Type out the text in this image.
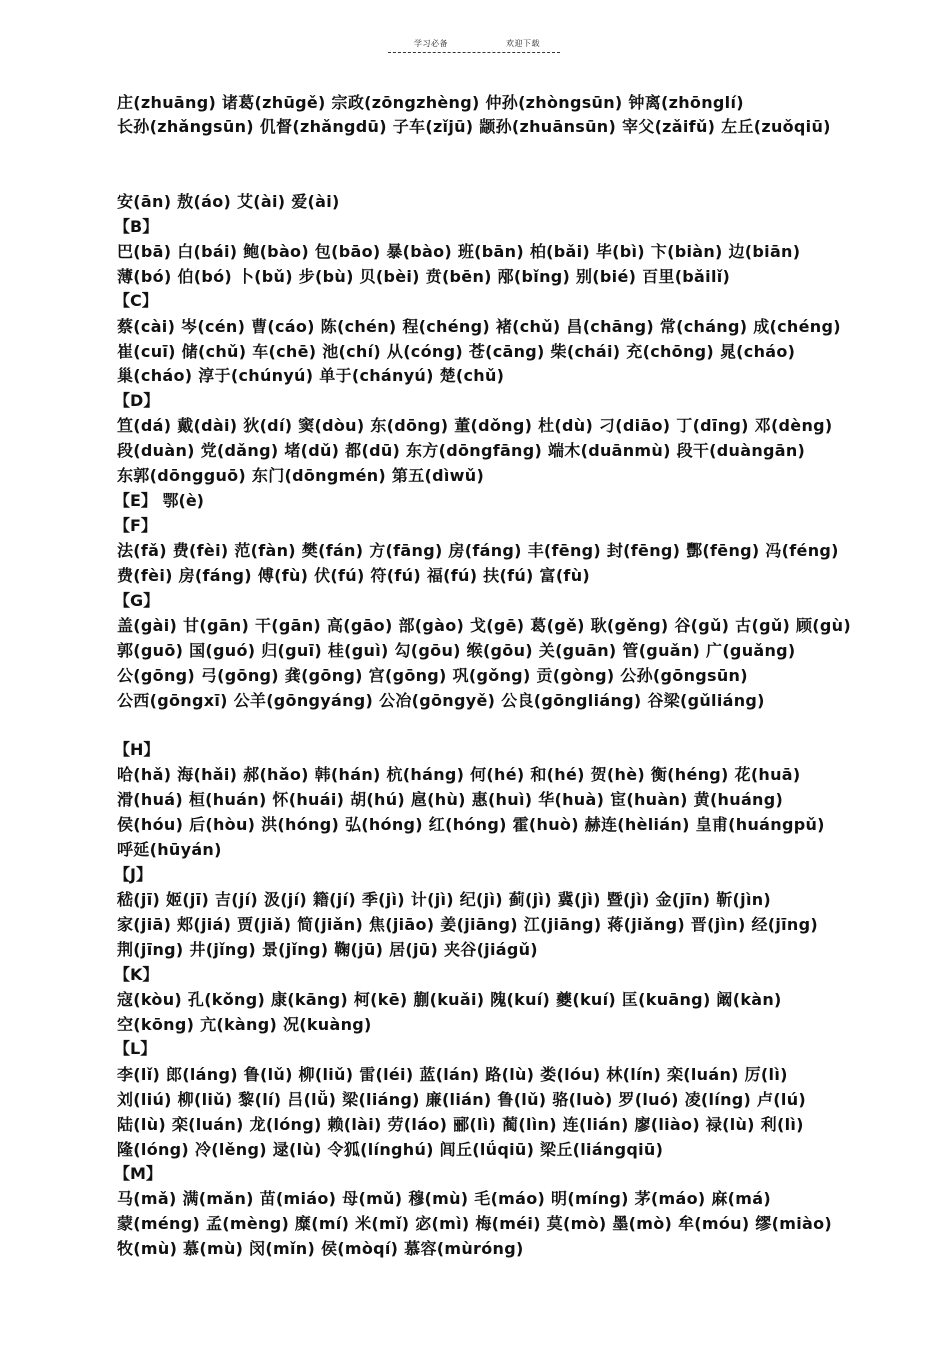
学习必备	欢迎下载
庄(zhuāng) 诸葛(zhūgě) 宗政(zōngzhèng) 仲孙(zhòngsūn) 钟离(zhōnglí)
长孙(zhǎngsūn) 仉督(zhǎngdū) 子车(zǐjū) 颛孙(zhuānsūn) 宰父(zǎifǔ) 左丘(zuǒqiū)
安(ān) 敖(áo) 艾(ài) 爱(ài)
【B】
巴(bā) 白(bái) 鲍(bào) 包(bāo) 暴(bào) 班(bān) 柏(bǎi) 毕(bì) 卞(biàn) 边(biān)
薄(bó) 伯(bó) 卜(bǔ) 步(bù) 贝(bèi) 贲(bēn) 邴(bǐng) 别(bié) 百里(bǎilǐ)
【C】
蔡(cài) 岑(cén) 曹(cáo) 陈(chén) 程(chéng) 褚(chǔ) 昌(chāng) 常(cháng) 成(chéng)
崔(cuī) 储(chǔ) 车(chē) 池(chí) 从(cóng) 苍(cāng) 柴(chái) 充(chōng) 晁(cháo)
巢(cháo) 淳于(chúnyú) 单于(chányú) 楚(chǔ)
【D】
笪(dá) 戴(dài) 狄(dí) 窦(dòu) 东(dōng) 董(dǒng) 杜(dù) 刁(diāo) 丁(dīng) 邓(dèng)
段(duàn) 党(dǎng) 堵(dǔ) 都(dū) 东方(dōngfāng) 端木(duānmù) 段干(duàngān)
东郭(dōngguō) 东门(dōngmén) 第五(dìwǔ)
【E】 鄂(è)
【F】
法(fǎ) 费(fèi) 范(fàn) 樊(fán) 方(fāng) 房(fáng) 丰(fēng) 封(fēng) 酆(fēng) 冯(féng)
费(fèi) 房(fáng) 傅(fù) 伏(fú) 符(fú) 福(fú) 扶(fú) 富(fù)
【G】
盖(gài) 甘(gān) 干(gān) 高(gāo) 部(gào) 戈(gē) 葛(gě) 耿(gěng) 谷(gǔ) 古(gǔ) 顾(gù)
郭(guō) 国(guó) 归(guī) 桂(guì) 勾(gōu) 缑(gōu) 关(guān) 管(guǎn) 广(guǎng)
公(gōng) 弓(gōng) 龚(gōng) 宫(gōng) 巩(gǒng) 贡(gòng) 公孙(gōngsūn)
公西(gōngxī) 公羊(gōngyáng) 公冶(gōngyě) 公良(gōngliáng) 谷梁(gǔliáng)
【H】
哈(hǎ) 海(hǎi) 郝(hǎo) 韩(hán) 杭(háng) 何(hé) 和(hé) 贺(hè) 衡(héng) 花(huā)
滑(huá) 桓(huán) 怀(huái) 胡(hú) 扈(hù) 惠(huì) 华(huà) 宦(huàn) 黄(huáng)
侯(hóu) 后(hòu) 洪(hóng) 弘(hóng) 红(hóng) 霍(huò) 赫连(hèlián) 皇甫(huángpǔ)
呼延(hūyán)
【J】
嵇(jī) 姬(jī) 吉(jí) 汲(jí) 籍(jí) 季(jì) 计(jì) 纪(jì) 蓟(jì) 冀(jì) 暨(jì) 金(jīn) 靳(jìn)
家(jiā) 郏(jiá) 贾(jiǎ) 简(jiǎn) 焦(jiāo) 姜(jiāng) 江(jiāng) 蒋(jiǎng) 晋(jìn) 经(jīng)
荆(jīng) 井(jǐng) 景(jǐng) 鞠(jū) 居(jū) 夹谷(jiágǔ)
【K】
寇(kòu) 孔(kǒng) 康(kāng) 柯(kē) 蒯(kuǎi) 隗(kuí) 夔(kuí) 匡(kuāng) 阚(kàn)
空(kōng) 亢(kàng) 况(kuàng)
【L】
李(lǐ) 郎(láng) 鲁(lǔ) 柳(liǔ) 雷(léi) 蓝(lán) 路(lù) 娄(lóu) 林(lín) 栾(luán) 厉(lì)
刘(liú) 柳(liǔ) 黎(lí) 吕(lǚ) 梁(liáng) 廉(lián) 鲁(lǔ) 骆(luò) 罗(luó) 凌(líng) 卢(lú)
陆(lù) 栾(luán) 龙(lóng) 赖(lài) 劳(láo) 郦(lì) 蔺(lìn) 连(lián) 廖(liào) 禄(lù) 利(lì)
隆(lóng) 冷(lěng) 逯(lù) 令狐(línghú) 闾丘(lǘqiū) 梁丘(liángqiū)
【M】
马(mǎ) 满(mǎn) 苗(miáo) 母(mǔ) 穆(mù) 毛(máo) 明(míng) 茅(máo) 麻(má)
蒙(méng) 孟(mèng) 糜(mí) 米(mǐ) 宓(mì) 梅(méi) 莫(mò) 墨(mò) 牟(móu) 缪(miào)
牧(mù) 慕(mù) 闵(mǐn) 侯(mòqí) 慕容(mùróng)
